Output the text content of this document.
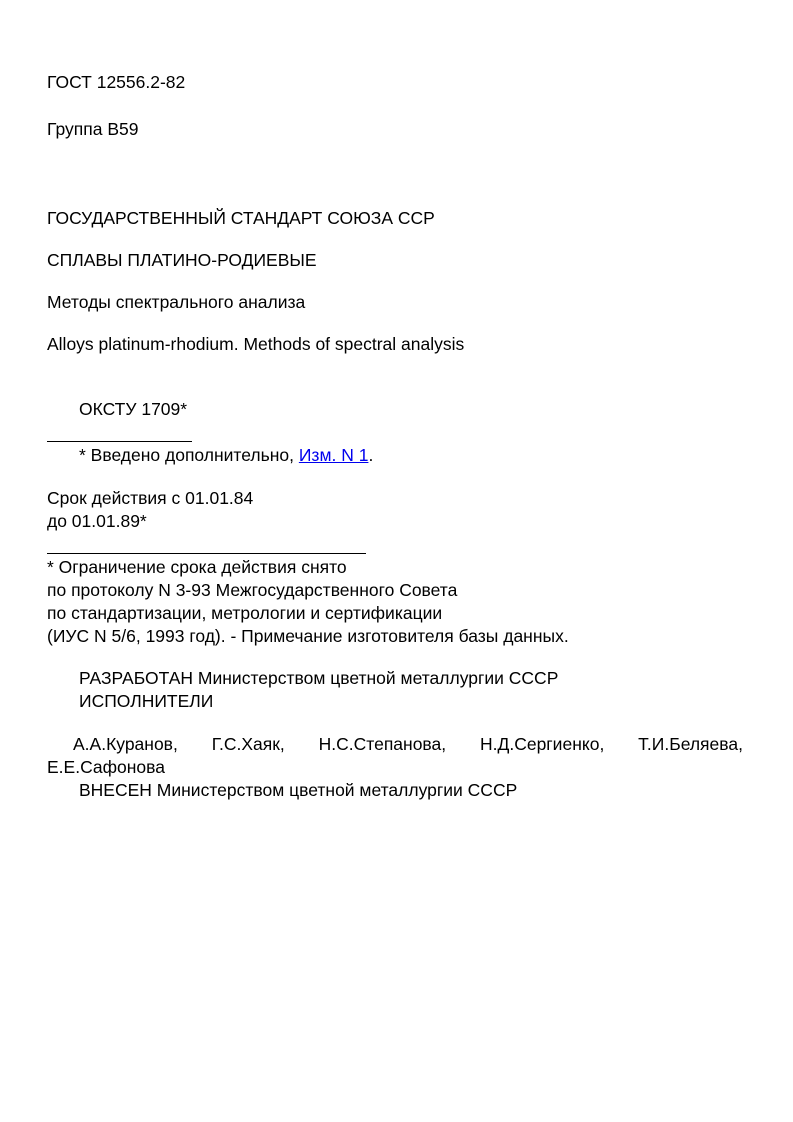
ГОСТ 12556.2-82
Группа В59
ГОСУДАРСТВЕННЫЙ СТАНДАРТ СОЮЗА ССР
СПЛАВЫ ПЛАТИНО-РОДИЕВЫЕ
Методы спектрального анализа
Alloys platinum-rhodium. Methods of spectral analysis
ОКСТУ 1709*
* Введено дополнительно, Изм. N 1.
Срок действия с 01.01.84
до 01.01.89*
* Ограничение срока действия снято
по протоколу N 3-93 Межгосударственного Совета
по стандартизации, метрологии и сертификации
(ИУС N 5/6, 1993 год). - Примечание изготовителя базы данных.
РАЗРАБОТАН Министерством цветной металлургии СССР
ИСПОЛНИТЕЛИ
А.А.Куранов, Г.С.Хаяк, Н.С.Степанова, Н.Д.Сергиенко, Т.И.Беляева,
Е.Е.Сафонова
ВНЕСЕН Министерством цветной металлургии СССР
